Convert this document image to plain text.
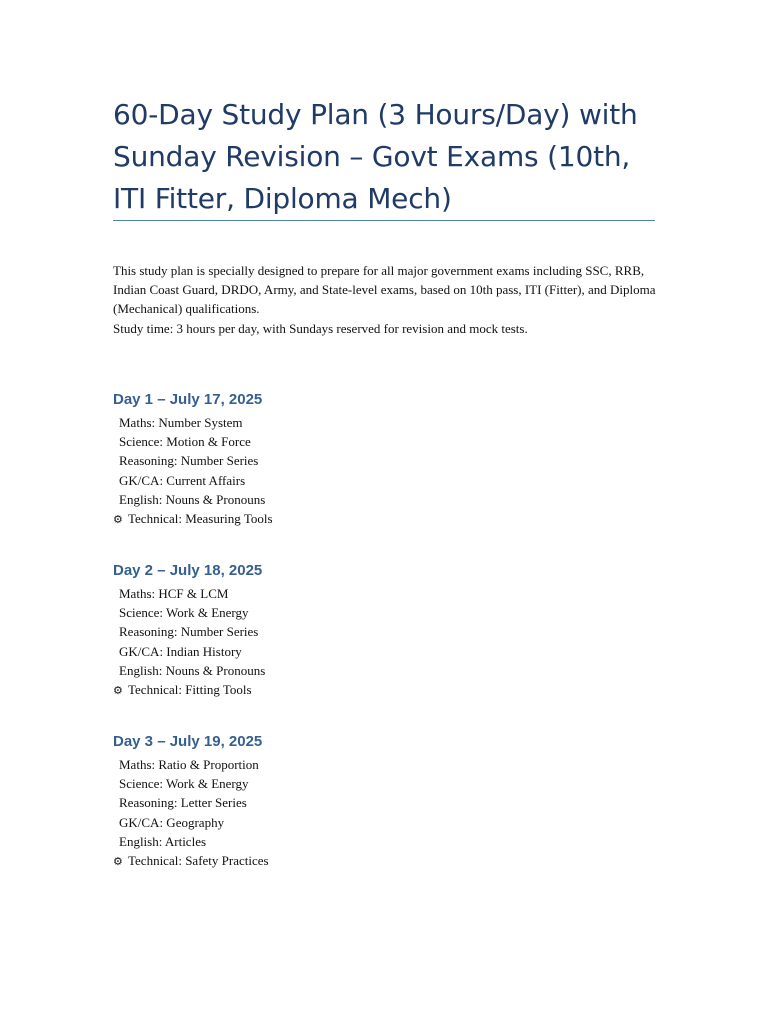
60-Day Study Plan (3 Hours/Day) with Sunday Revision – Govt Exams (10th, ITI Fitter, Diploma Mech)

This study plan is specially designed to prepare for all major government exams including SSC, RRB, Indian Coast Guard, DRDO, Army, and State-level exams, based on 10th pass, ITI (Fitter), and Diploma (Mechanical) qualifications.

Study time: 3 hours per day, with Sundays reserved for revision and mock tests.

Day 1 – July 17, 2025
Maths: Number System
Science: Motion & Force
Reasoning: Number Series
GK/CA: Current Affairs
English: Nouns & Pronouns
⚙ Technical: Measuring Tools
Day 2 – July 18, 2025
Maths: HCF & LCM
Science: Work & Energy
Reasoning: Number Series
GK/CA: Indian History
English: Nouns & Pronouns
⚙ Technical: Fitting Tools
Day 3 – July 19, 2025
Maths: Ratio & Proportion
Science: Work & Energy
Reasoning: Letter Series
GK/CA: Geography
English: Articles
⚙ Technical: Safety Practices
